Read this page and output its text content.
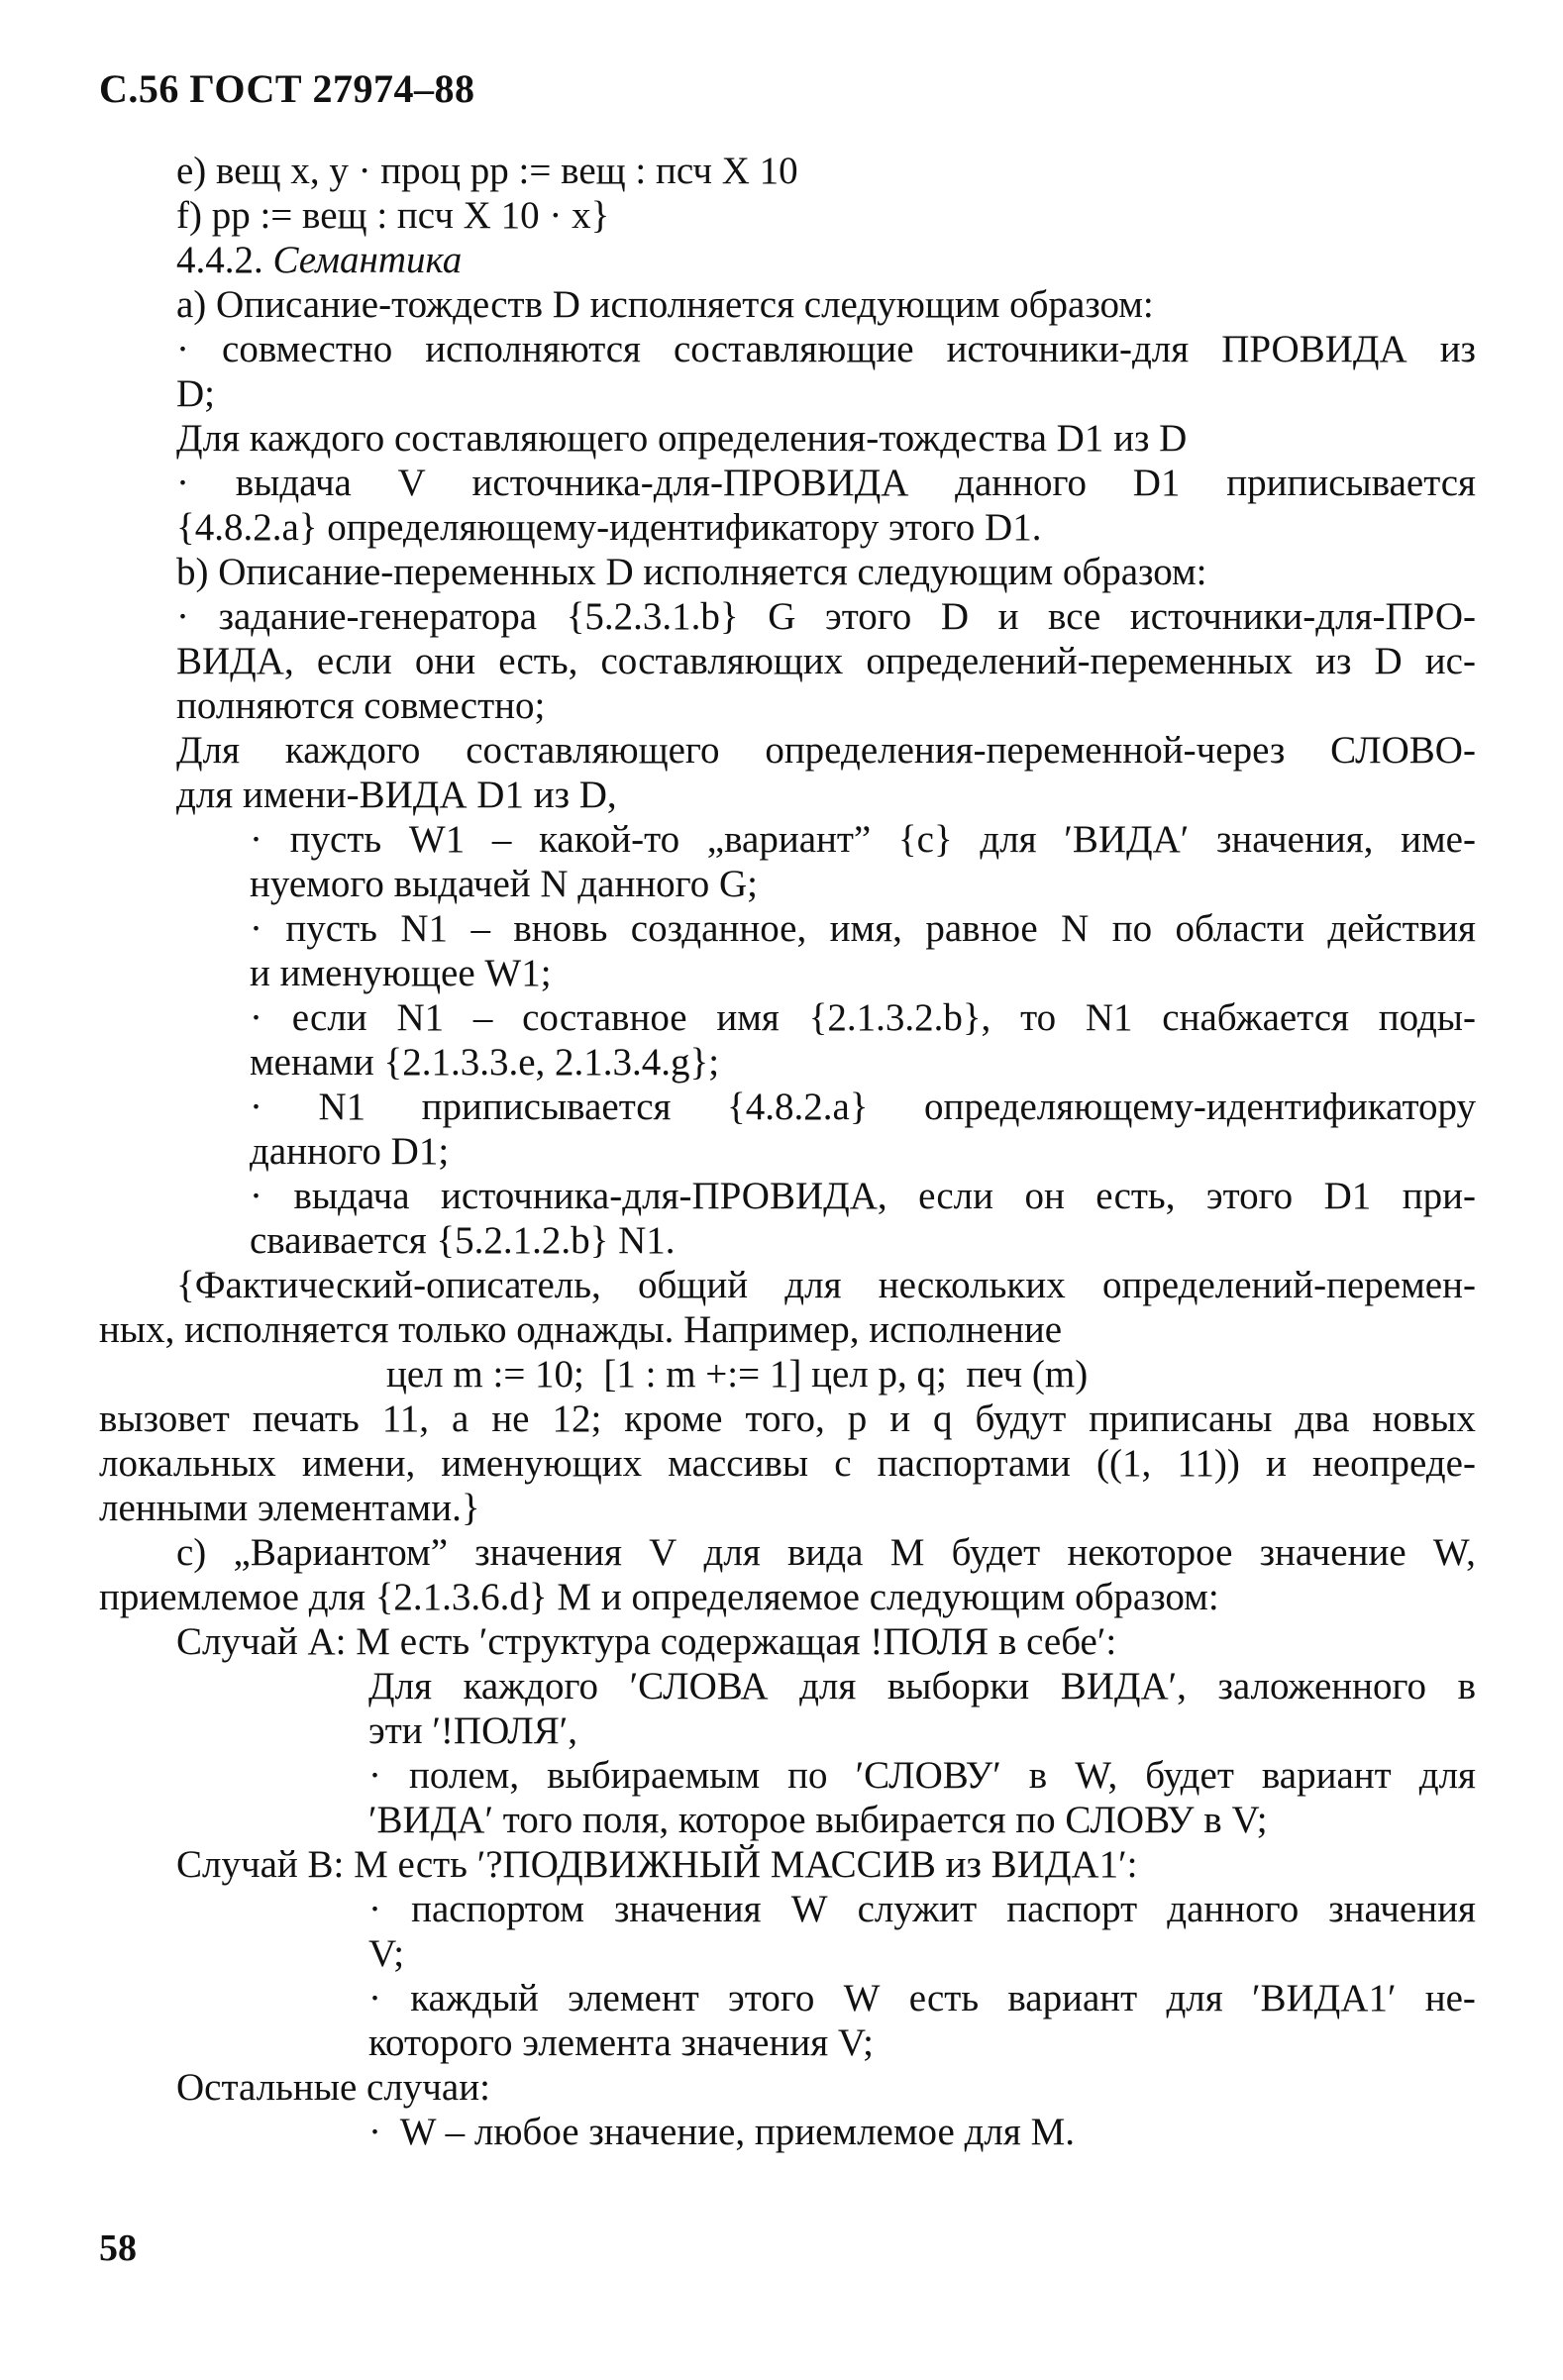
С.56 ГОСТ 27974–88
e) вещ x, y · проц pp := вещ : псч X 10
f) pp := вещ : псч X 10 · x}
4.4.2. Семантика
a) Описание-тождеств D исполняется следующим образом:
· совместно исполняются составляющие источники-для ПРОВИДА из
D;
Для каждого составляющего определения-тождества D1 из D
· выдача V источника-для-ПРОВИДА данного D1 приписывается
{4.8.2.a} определяющему-идентификатору этого D1.
b) Описание-переменных D исполняется следующим образом:
· задание-генератора {5.2.3.1.b} G этого D и все источники-для-ПРО-
ВИДА, если они есть, составляющих определений-переменных из D ис-
полняются совместно;
Для каждого составляющего определения-переменной-через СЛОВО-
для имени-ВИДА D1 из D,
· пусть W1 – какой-то „вариант” {c} для ′ВИДА′ значения, име-
нуемого выдачей N данного G;
· пусть N1 – вновь созданное, имя, равное N по области действия
и именующее W1;
· если N1 – составное имя {2.1.3.2.b}, то N1 снабжается поды-
менами {2.1.3.3.e, 2.1.3.4.g};
· N1 приписывается {4.8.2.a} определяющему-идентификатору
данного D1;
· выдача источника-для-ПРОВИДА, если он есть, этого D1 при-
сваивается {5.2.1.2.b} N1.
{Фактический-описатель, общий для нескольких определений-перемен-
ных, исполняется только однажды. Например, исполнение
цел m := 10;  [1 : m +:= 1] цел p, q;  печ (m)
вызовет печать 11, а не 12; кроме того, p и q будут приписаны два новых
локальных имени, именующих массивы с паспортами ((1, 11)) и неопреде-
ленными элементами.}
c) „Вариантом” значения V для вида M будет некоторое значение W,
приемлемое для {2.1.3.6.d} M и определяемое следующим образом:
Случай A: M есть ′структура содержащая !ПОЛЯ в себе′:
Для каждого ′СЛОВА для выборки ВИДА′, заложенного в
эти ′!ПОЛЯ′,
· полем, выбираемым по ′СЛОВУ′ в W, будет вариант для
′ВИДА′ того поля, которое выбирается по СЛОВУ в V;
Случай B: M есть ′?ПОДВИЖНЫЙ МАССИВ из ВИДА1′:
· паспортом значения W служит паспорт данного значения
V;
· каждый элемент этого W есть вариант для ′ВИДА1′ не-
которого элемента значения V;
Остальные случаи:
·  W – любое значение, приемлемое для M.
58
